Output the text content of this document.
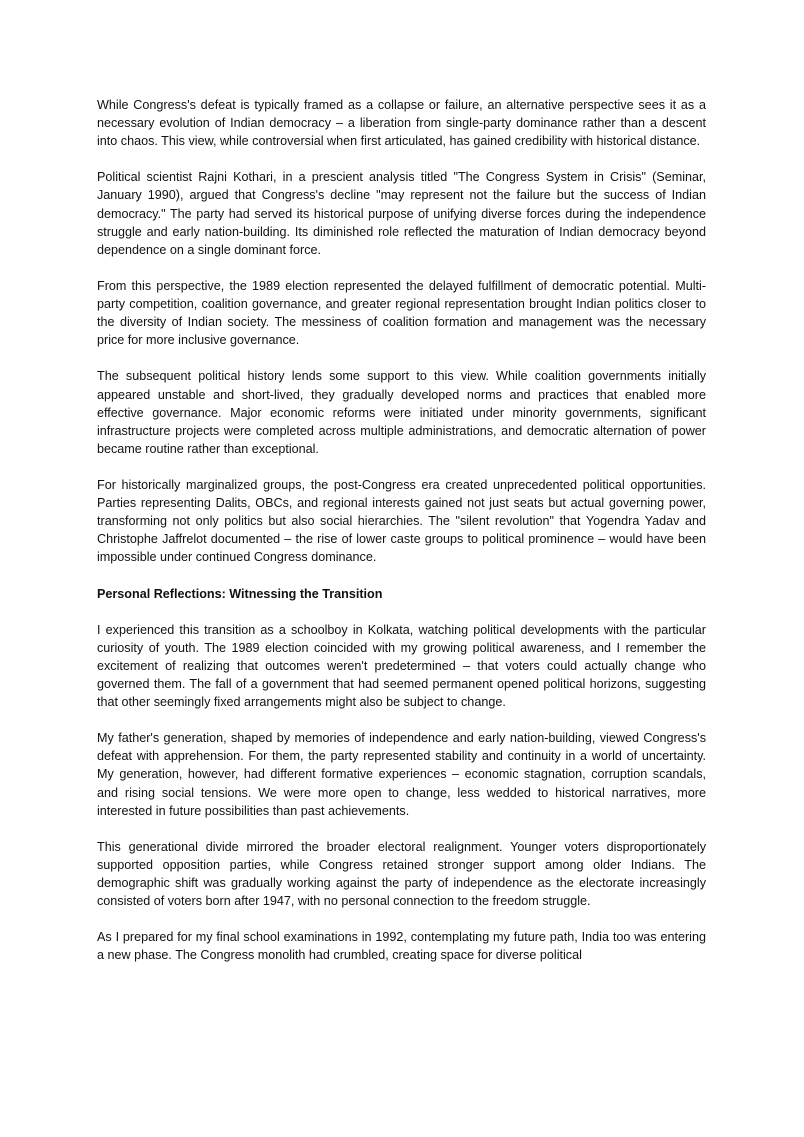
While Congress's defeat is typically framed as a collapse or failure, an alternative perspective sees it as a necessary evolution of Indian democracy – a liberation from single-party dominance rather than a descent into chaos. This view, while controversial when first articulated, has gained credibility with historical distance.

Political scientist Rajni Kothari, in a prescient analysis titled "The Congress System in Crisis" (Seminar, January 1990), argued that Congress's decline "may represent not the failure but the success of Indian democracy." The party had served its historical purpose of unifying diverse forces during the independence struggle and early nation-building. Its diminished role reflected the maturation of Indian democracy beyond dependence on a single dominant force.

From this perspective, the 1989 election represented the delayed fulfillment of democratic potential. Multi-party competition, coalition governance, and greater regional representation brought Indian politics closer to the diversity of Indian society. The messiness of coalition formation and management was the necessary price for more inclusive governance.

The subsequent political history lends some support to this view. While coalition governments initially appeared unstable and short-lived, they gradually developed norms and practices that enabled more effective governance. Major economic reforms were initiated under minority governments, significant infrastructure projects were completed across multiple administrations, and democratic alternation of power became routine rather than exceptional.

For historically marginalized groups, the post-Congress era created unprecedented political opportunities. Parties representing Dalits, OBCs, and regional interests gained not just seats but actual governing power, transforming not only politics but also social hierarchies. The "silent revolution" that Yogendra Yadav and Christophe Jaffrelot documented – the rise of lower caste groups to political prominence – would have been impossible under continued Congress dominance.

Personal Reflections: Witnessing the Transition

I experienced this transition as a schoolboy in Kolkata, watching political developments with the particular curiosity of youth. The 1989 election coincided with my growing political awareness, and I remember the excitement of realizing that outcomes weren't predetermined – that voters could actually change who governed them. The fall of a government that had seemed permanent opened political horizons, suggesting that other seemingly fixed arrangements might also be subject to change.

My father's generation, shaped by memories of independence and early nation-building, viewed Congress's defeat with apprehension. For them, the party represented stability and continuity in a world of uncertainty. My generation, however, had different formative experiences – economic stagnation, corruption scandals, and rising social tensions. We were more open to change, less wedded to historical narratives, more interested in future possibilities than past achievements.

This generational divide mirrored the broader electoral realignment. Younger voters disproportionately supported opposition parties, while Congress retained stronger support among older Indians. The demographic shift was gradually working against the party of independence as the electorate increasingly consisted of voters born after 1947, with no personal connection to the freedom struggle.

As I prepared for my final school examinations in 1992, contemplating my future path, India too was entering a new phase. The Congress monolith had crumbled, creating space for diverse political
